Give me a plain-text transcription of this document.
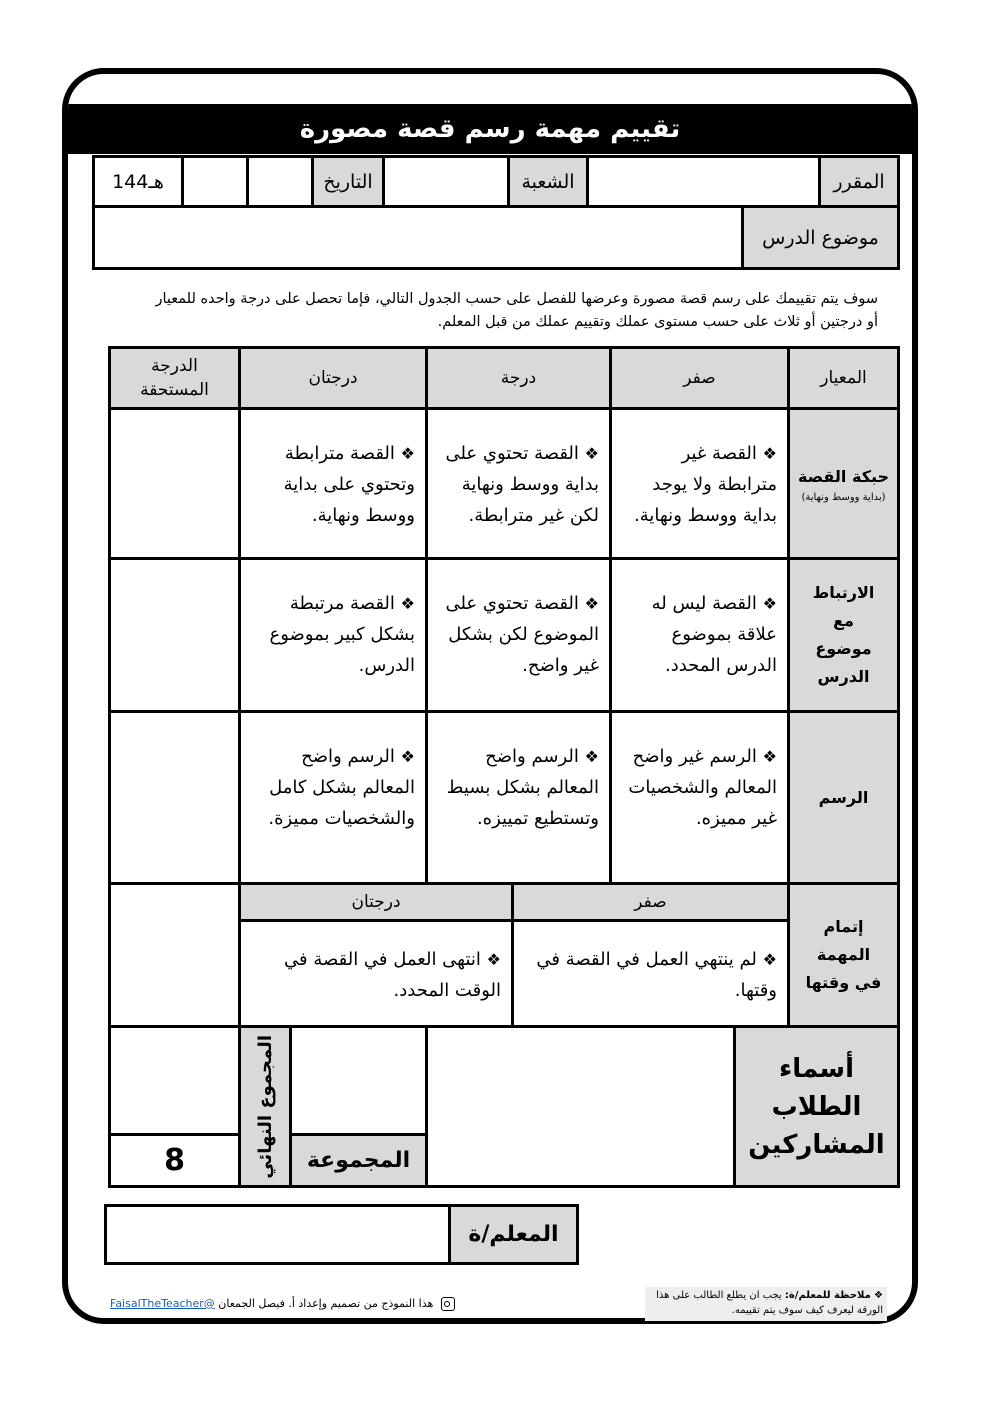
تقييم مهمة رسم قصة مصورة
المقرر
الشعبة
التاريخ
144هـ
موضوع الدرس
سوف يتم تقييمك على رسم قصة مصورة وعرضها للفصل على حسب الجدول التالي، فإما تحصل على درجة واحده للمعيار أو درجتين أو ثلاث على حسب مستوى عملك وتقييم عملك من قبل المعلم.
المعيار
صفر
درجة
درجتان
الدرجة المستحقة
حبكة القصة
(بداية ووسط ونهاية)
❖ القصة غير مترابطة ولا يوجد بداية ووسط ونهاية.
❖ القصة تحتوي على بداية ووسط ونهاية لكن غير مترابطة.
❖ القصة مترابطة وتحتوي على بداية ووسط ونهاية.
الارتباط مع موضوع الدرس
❖ القصة ليس له علاقة بموضوع الدرس المحدد.
❖ القصة تحتوي على الموضوع لكن بشكل غير واضح.
❖ القصة مرتبطة بشكل كبير بموضوع الدرس.
الرسم
❖ الرسم غير واضح المعالم والشخصيات غير مميزه.
❖ الرسم واضح المعالم بشكل بسيط وتستطيع تمييزه.
❖ الرسم واضح المعالم بشكل كامل والشخصيات مميزة.
إتمام المهمة في وقتها
صفر
درجتان
❖ لم ينتهي العمل في القصة في وقتها.
❖ انتهى العمل في القصة في الوقت المحدد.
أسماء الطلاب المشاركين
المجموعة
المجموع النهائي
8
المعلم/ة
❖ ملاحظة للمعلم/ة: يجب ان يطلع الطالب على هذا الورقة ليعرف كيف سوف يتم تقييمه.
هذا النموذج من تصميم وإعداد أ. فيصل الجمعان @FaisalTheTeacher
